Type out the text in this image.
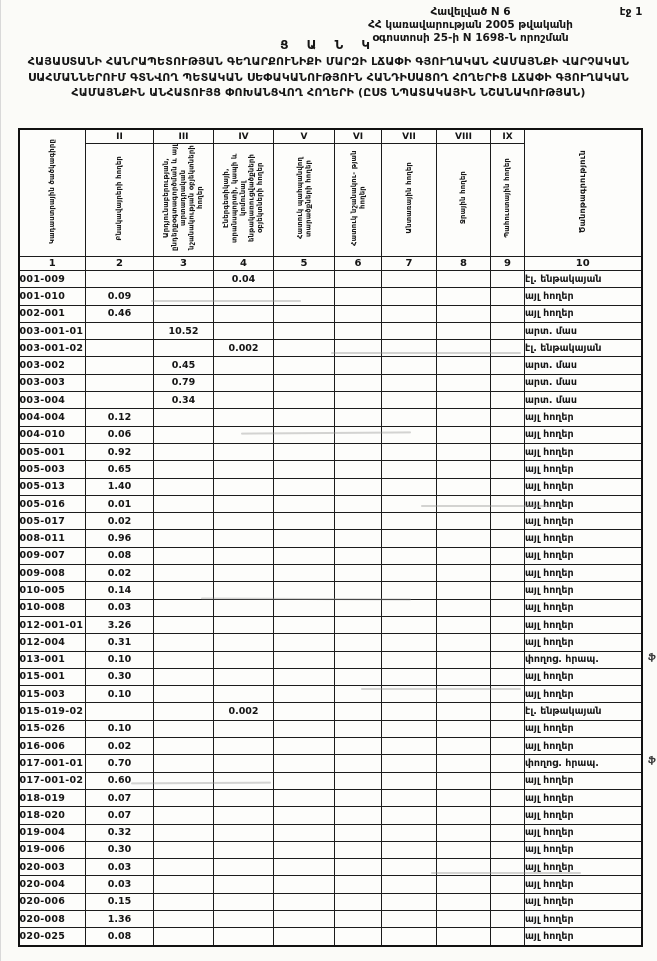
Հավելված N 6
ՀՀ կառավարության 2005 թվականի
օգոստոսի 25-ի N 1698-Ն որոշման
էջ 1
Ց Ա Ն Կ
ՀԱՅԱՍՏԱՆԻ ՀԱՆՐԱՊԵՏՈՒԹՅԱՆ ԳԵՂԱՐՔՈՒՆԻՔԻ ՄԱՐԶԻ ԼՃԱՓԻ ԳՅՈՒՂԱԿԱՆ ՀԱՄԱՅՆՔԻ ՎԱՐՉԱԿԱՆ ՍԱՀՄԱՆՆԵՐՈՒՄ ԳՏՆՎՈՂ ՊԵՏԱԿԱՆ ՍԵՓԱԿԱՆՈՒԹՅՈՒՆ ՀԱՆԴԻՍԱՑՈՂ ՀՈՂԵՐԻՑ ԼՃԱՓԻ ԳՅՈՒՂԱԿԱՆ ՀԱՄԱՅՆՔԻՆ ԱՆՀԱՏՈՒՅՑ ՓՈԽԱՆՑՎՈՂ ՀՈՂԵՐԻ (ԸՍՏ ՆՊԱՏԱԿԱՅԻՆ ՆՇԱՆԱԿՈՒԹՅԱՆ)
Կադաստրային ծածկագիրը	II	III	IV	V	VI	VII	VIII	IX	Ծանոթագրություն
	Բնակավայրերի հողեր	Արդյունաբերության, ընդերքօգտագործման և այլ արտադրական նշանակության օբյեկտների հողեր	Էներգետիկայի, տրանսպորտի, կապի և կոմունալ ենթակառուցվածքների օբյեկտների հողեր	Հատուկ պահպանվող տարածքների հողեր	Հատուկ նշանակու- թյան հողեր	Անտառային հողեր	Ջրային հողեր	Պահուստային հողեր	
1	2	3	4	5	6	7	8	9	10
001-009			0.04						էլ. ենթակայան
001-010	0.09								այլ հողեր
002-001	0.46								այլ հողեր
003-001-01		10.52							արտ. մաս
003-001-02			0.002						էլ. ենթակայան
003-002		0.45							արտ. մաս
003-003		0.79							արտ. մաս
003-004		0.34							արտ. մաս
004-004	0.12								այլ հողեր
004-010	0.06								այլ հողեր
005-001	0.92								այլ հողեր
005-003	0.65								այլ հողեր
005-013	1.40								այլ հողեր
005-016	0.01								այլ հողեր
005-017	0.02								այլ հողեր
008-011	0.96								այլ հողեր
009-007	0.08								այլ հողեր
009-008	0.02								այլ հողեր
010-005	0.14								այլ հողեր
010-008	0.03								այլ հողեր
012-001-01	3.26								այլ հողեր
012-004	0.31								այլ հողեր
013-001	0.10								փողոց. հրապ. ֆ

015-001	0.30								այլ հողեր
015-003	0.10								այլ հողեր
015-019-02			0.002						էլ. ենթակայան
015-026	0.10								այլ հողեր
016-006	0.02								այլ հողեր
017-001-01	0.70								փողոց. հրապ. ֆ

017-001-02	0.60								այլ հողեր
018-019	0.07								այլ հողեր
018-020	0.07								այլ հողեր
019-004	0.32								այլ հողեր
019-006	0.30								այլ հողեր
020-003	0.03								այլ հողեր
020-004	0.03								այլ հողեր
020-006	0.15								այլ հողեր
020-008	1.36								այլ հողեր
020-025	0.08								այլ հողեր
